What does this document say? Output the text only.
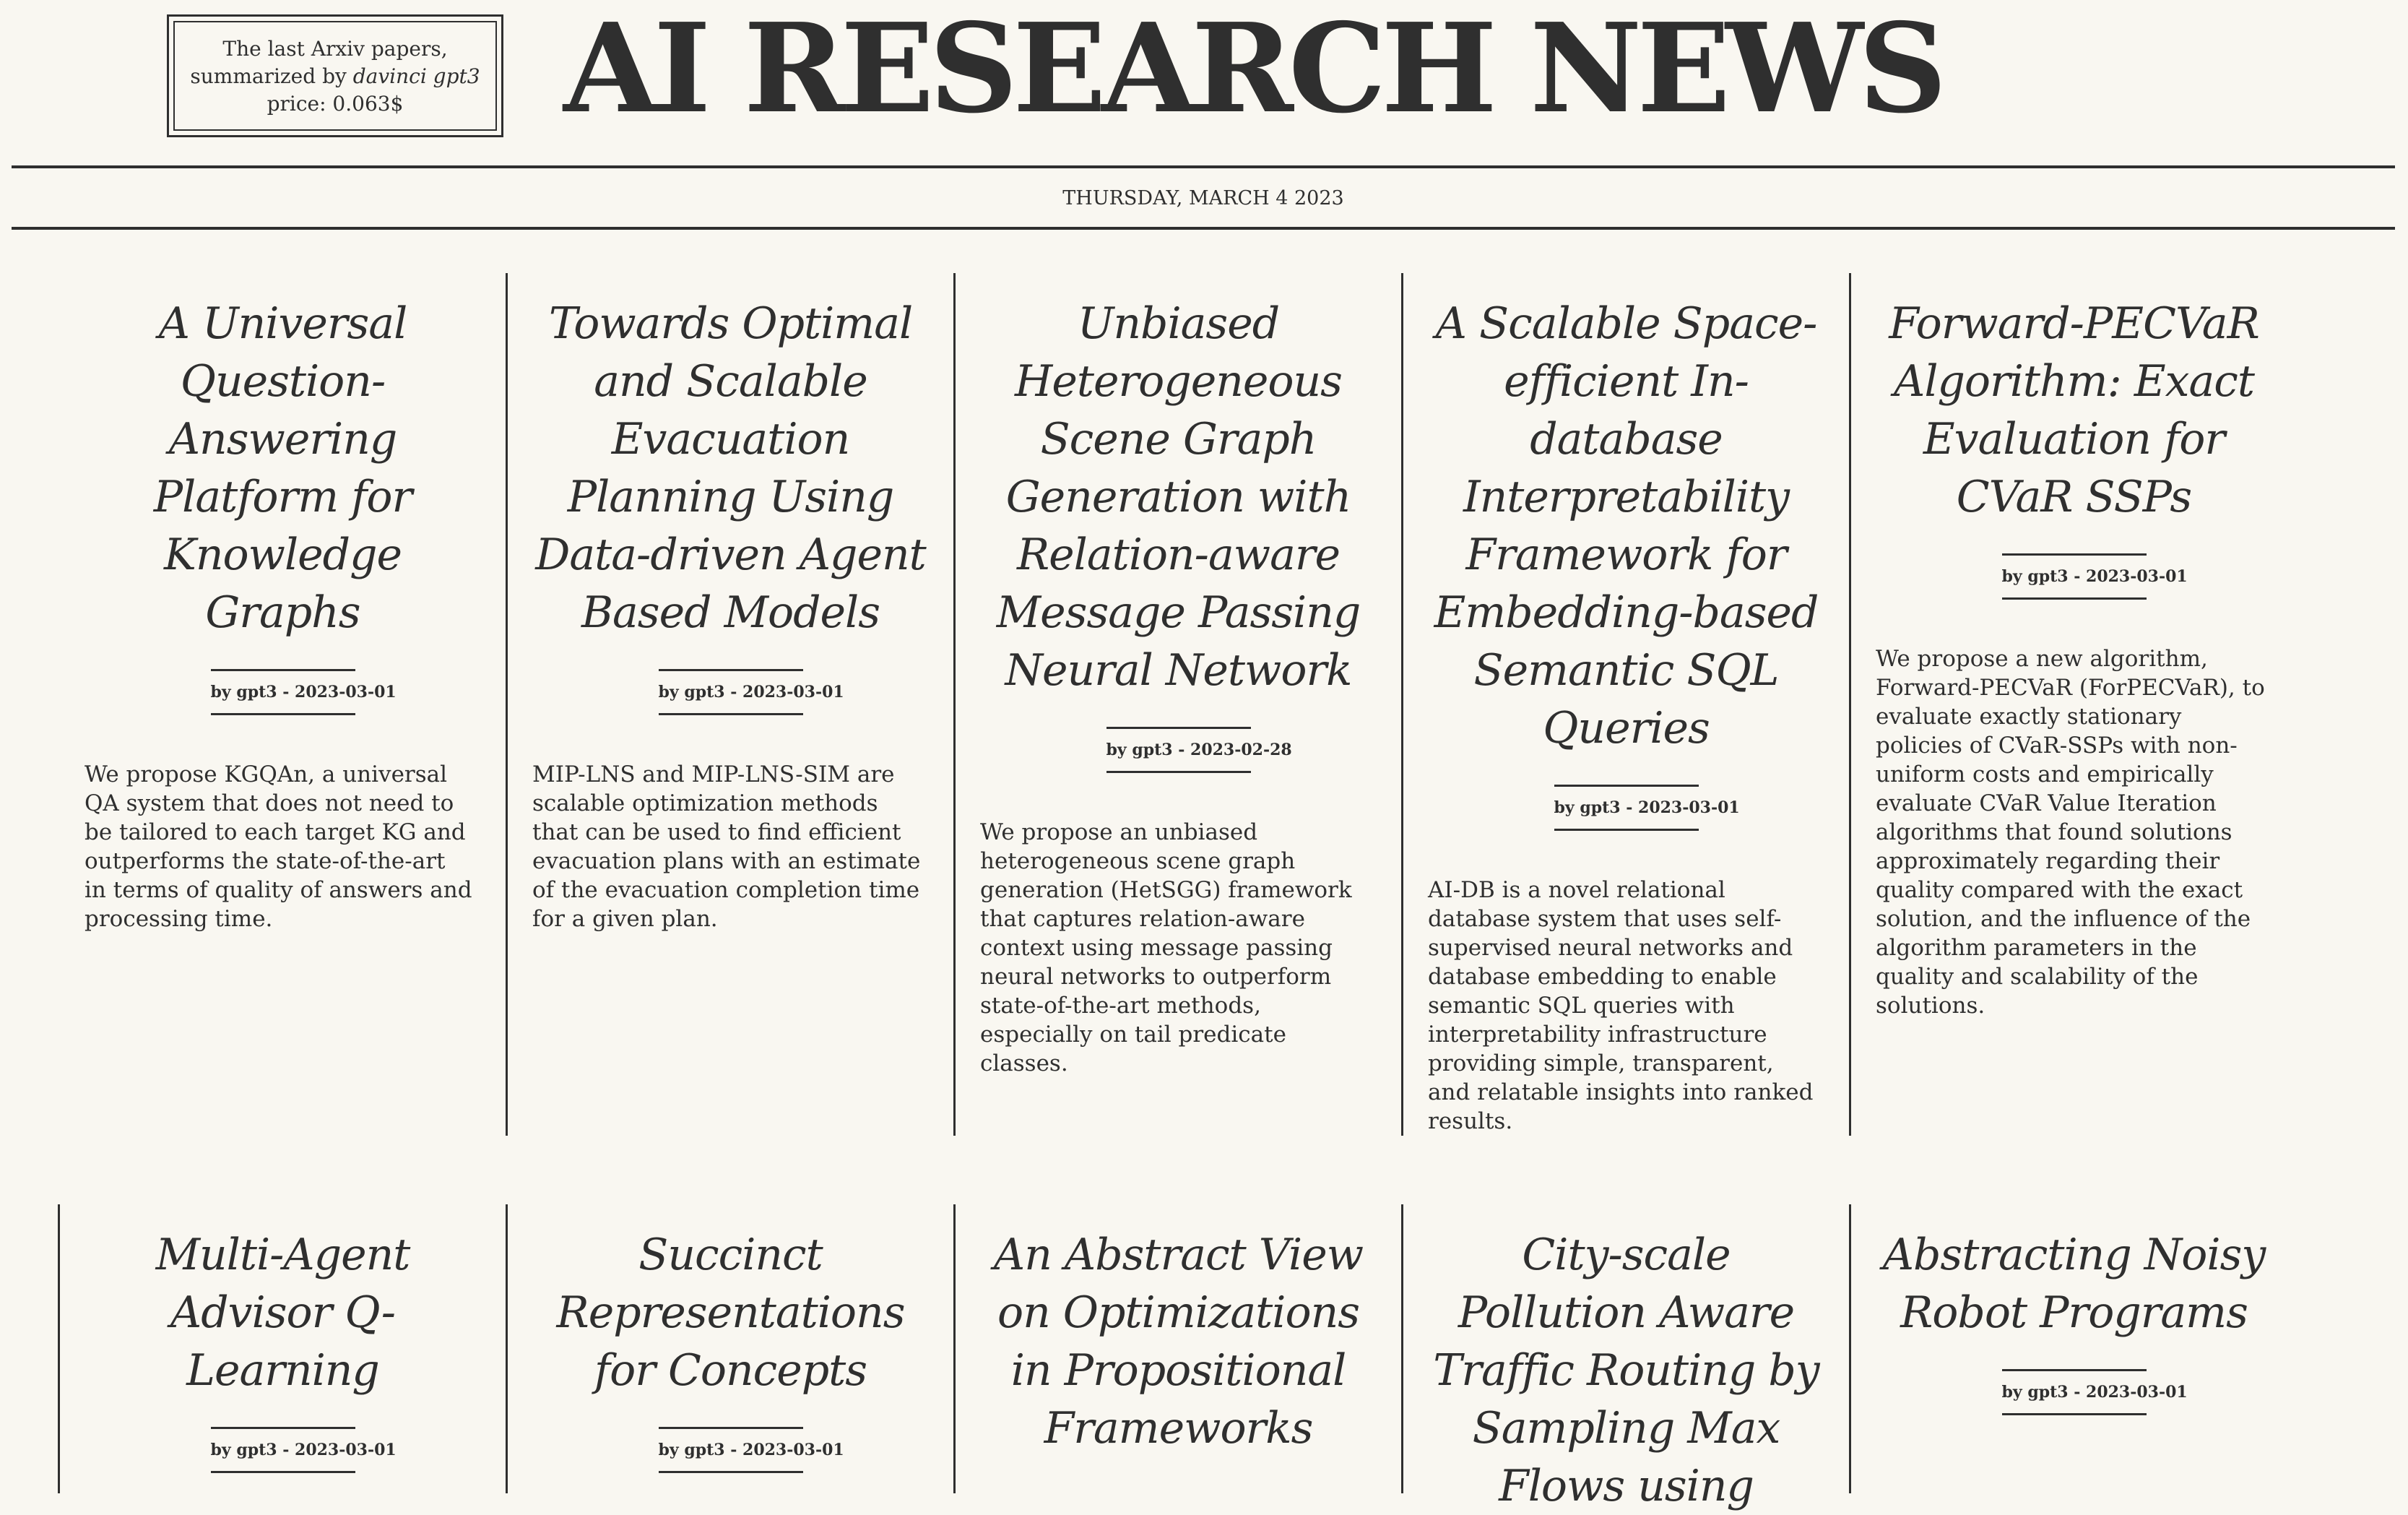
The last Arxiv papers,
summarized by davinci gpt3
price: 0.063$	AI RESEARCH NEWS
THURSDAY, MARCH 4 2023
A Universal Question-Answering Platform for Knowledge Graphs
by gpt3 - 2023-03-01
We propose KGQAn, a universal QA system that does not need to be tailored to each target KG and outperforms the state-of-the-art in terms of quality of answers and processing time.
Towards Optimal and Scalable Evacuation Planning Using Data-driven Agent Based Models
by gpt3 - 2023-03-01
MIP-LNS and MIP-LNS-SIM are scalable optimization methods that can be used to find efficient evacuation plans with an estimate of the evacuation completion time for a given plan.
Unbiased Heterogeneous Scene Graph Generation with Relation-aware Message Passing Neural Network
by gpt3 - 2023-02-28
We propose an unbiased heterogeneous scene graph generation (HetSGG) framework that captures relation-aware context using message passing neural networks to outperform state-of-the-art methods, especially on tail predicate classes.
A Scalable Space-efficient In-database Interpretability Framework for Embedding-based Semantic SQL Queries
by gpt3 - 2023-03-01
AI-DB is a novel relational database system that uses self-supervised neural networks and database embedding to enable semantic SQL queries with interpretability infrastructure providing simple, transparent, and relatable insights into ranked results.
Forward-PECVaR Algorithm: Exact Evaluation for CVaR SSPs
by gpt3 - 2023-03-01
We propose a new algorithm, Forward-PECVaR (ForPECVaR), to evaluate exactly stationary policies of CVaR-SSPs with non-uniform costs and empirically evaluate CVaR Value Iteration algorithms that found solutions approximately regarding their quality compared with the exact solution, and the influence of the algorithm parameters in the quality and scalability of the solutions.
Multi-Agent Advisor Q-Learning
by gpt3 - 2023-03-01
Succinct Representations for Concepts
by gpt3 - 2023-03-01
An Abstract View on Optimizations in Propositional Frameworks
City-scale Pollution Aware Traffic Routing by Sampling Max Flows using
Abstracting Noisy Robot Programs
by gpt3 - 2023-03-01
